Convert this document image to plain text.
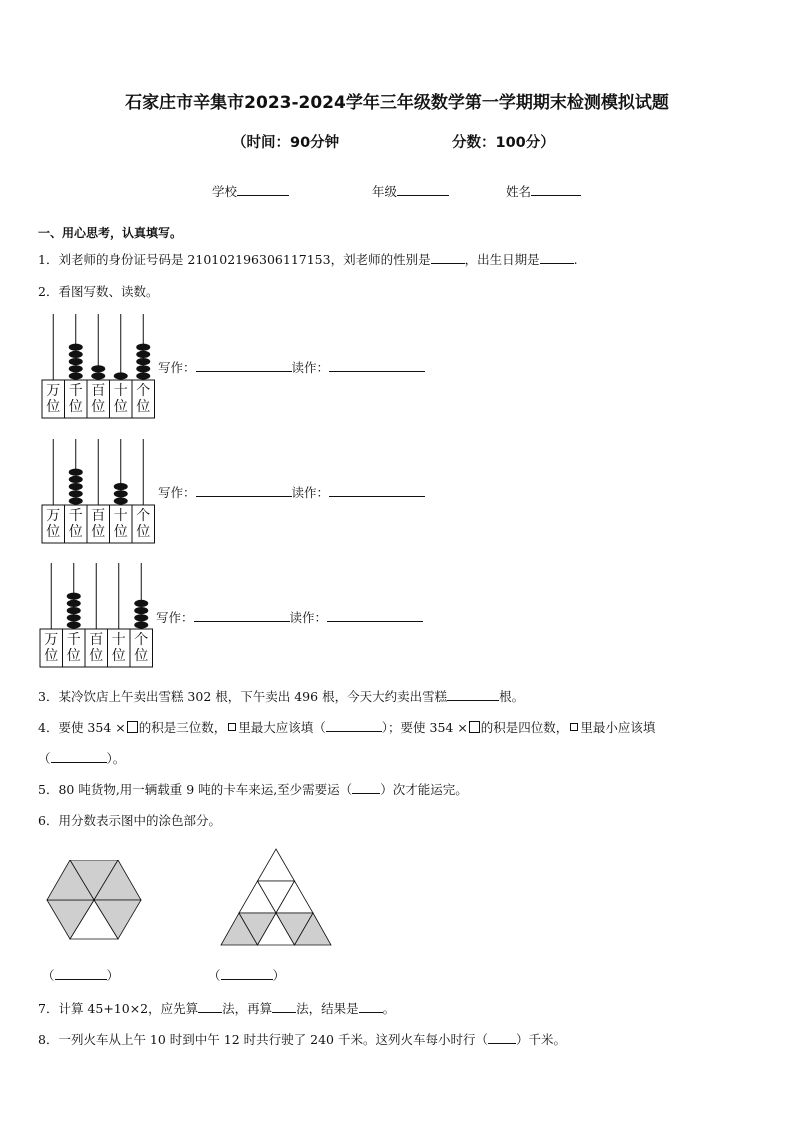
石家庄市辛集市2023-2024学年三年级数学第一学期期末检测模拟试题
（时间：90分钟	分数：100分）
学校	年级	姓名
一、用心思考，认真填写。
1．刘老师的身份证号码是 210102196306117153，刘老师的性别是	，出生日期是	.
2．看图写数、读数。
万
位
千
位
百
位
十
位
个
位
写作：	读作：
万
位
千
位
百
位
十
位
个
位
写作：	读作：
万
位
千
位
百
位
十
位
个
位
写作：	读作：
3．某冷饮店上午卖出雪糕 302 根，下午卖出 496 根，今天大约卖出雪糕	根。
4．要使 354 × 的积是三位数， 里最大应该填（	）；要使 354 × 的积是四位数， 里最小应该填
（	）。
5．80 吨货物,用一辆载重 9 吨的卡车来运,至少需要运（ ）次才能运完。
6．用分数表示图中的涂色部分。
（	）	（	）
7．计算 45+10×2，应先算 法，再算 法，结果是 。
8．一列火车从上午 10 时到中午 12 时共行驶了 240 千米。这列火车每小时行（ ）千米。
